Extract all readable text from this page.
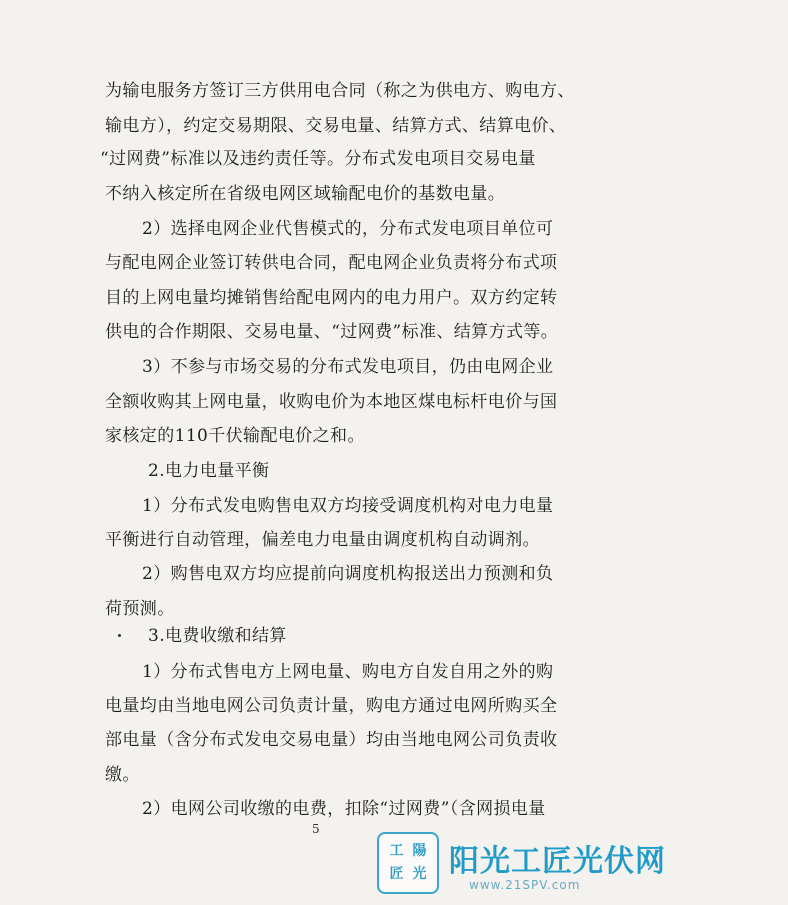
为输电服务方签订三方供用电合同（称之为供电方、购电方、
输电方），约定交易期限、交易电量、结算方式、结算电价、
“过网费”标准以及违约责任等。分布式发电项目交易电量
不纳入核定所在省级电网区域输配电价的基数电量。
2）选择电网企业代售模式的，分布式发电项目单位可
与配电网企业签订转供电合同，配电网企业负责将分布式项
目的上网电量均摊销售给配电网内的电力用户。双方约定转
供电的合作期限、交易电量、“过网费”标准、结算方式等。
3）不参与市场交易的分布式发电项目，仍由电网企业
全额收购其上网电量，收购电价为本地区煤电标杆电价与国
家核定的110千伏输配电价之和。
2.电力电量平衡
1）分布式发电购售电双方均接受调度机构对电力电量
平衡进行自动管理，偏差电力电量由调度机构自动调剂。
2）购售电双方均应提前向调度机构报送出力预测和负
荷预测。
3.电费收缴和结算
1）分布式售电方上网电量、购电方自发自用之外的购
电量均由当地电网公司负责计量，购电方通过电网所购买全
部电量（含分布式发电交易电量）均由当地电网公司负责收
缴。
2）电网公司收缴的电费，扣除“过网费”（含网损电量
5
工 陽
匠 光 阳光工匠光伏网
www.21SPV.com
